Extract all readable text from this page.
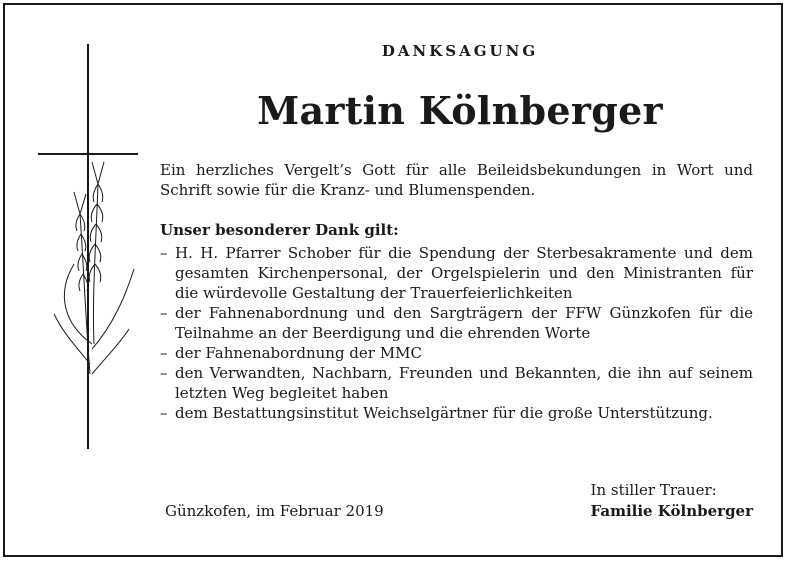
DANKSAGUNG
Martin Kölnberger

Ein herzliches Vergelt’s Gott für alle Beileidsbekundungen in Wort und Schrift sowie für die Kranz- und Blumenspenden.

Unser besonderer Dank gilt:

– H. H. Pfarrer Schober für die Spendung der Sterbesakramente und dem gesamten Kirchenpersonal, der Orgelspielerin und den Ministranten für die würdevolle Gestaltung der Trauerfeierlichkeiten
– der Fahnenabordnung und den Sargträgern der FFW Günzkofen für die Teilnahme an der Beerdigung und die ehrenden Worte
– der Fahnenabordnung der MMC
– den Verwandten, Nachbarn, Freunden und Bekannten, die ihn auf seinem letzten Weg begleitet haben
– dem Bestattungsinstitut Weichselgärtner für die große Unterstützung.
Günzkofen, im Februar 2019
In stiller Trauer:
Familie Kölnberger
